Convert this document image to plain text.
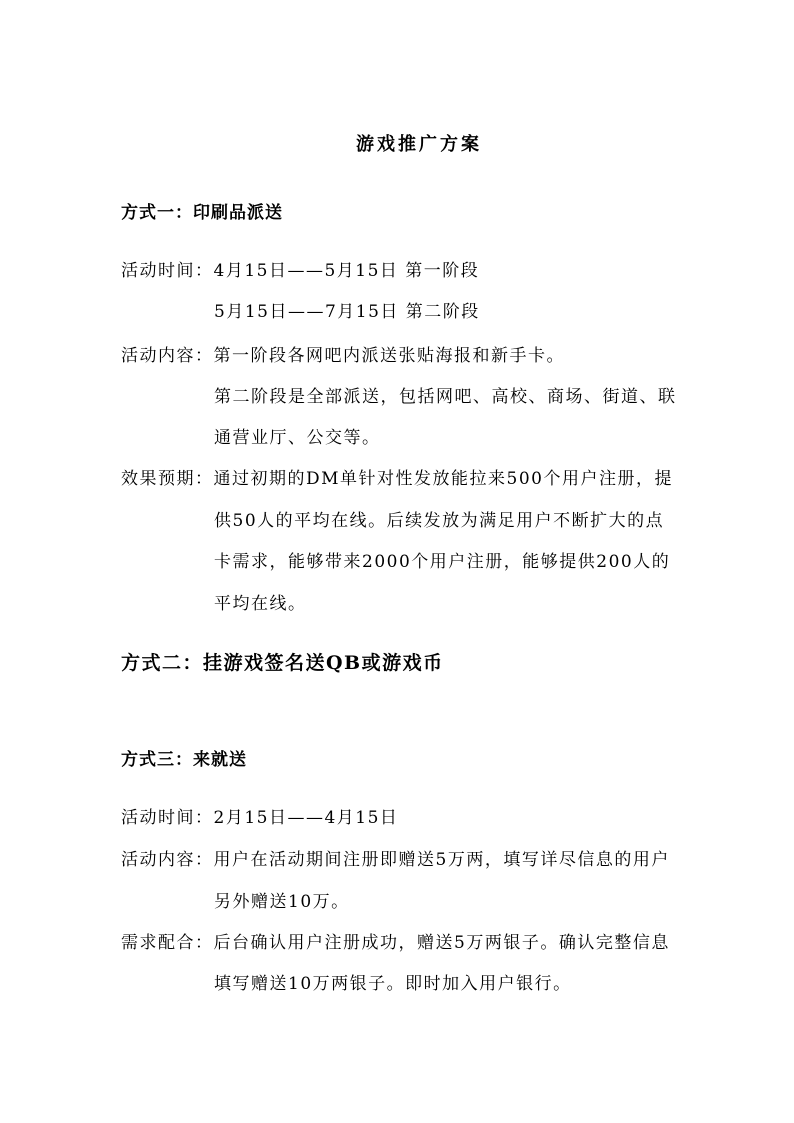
游戏推广方案
方式一：印刷品派送
活动时间：4月15日——5月15日 第一阶段
5月15日——7月15日 第二阶段
活动内容：第一阶段各网吧内派送张贴海报和新手卡。
第二阶段是全部派送，包括网吧、高校、商场、街道、联
通营业厅、公交等。
效果预期：通过初期的DM单针对性发放能拉来500个用户注册，提
供50人的平均在线。后续发放为满足用户不断扩大的点
卡需求，能够带来2000个用户注册，能够提供200人的
平均在线。
方式二：挂游戏签名送QB或游戏币
方式三：来就送
活动时间：2月15日——4月15日
活动内容：用户在活动期间注册即赠送5万两，填写详尽信息的用户
另外赠送10万。
需求配合：后台确认用户注册成功，赠送5万两银子。确认完整信息
填写赠送10万两银子。即时加入用户银行。
